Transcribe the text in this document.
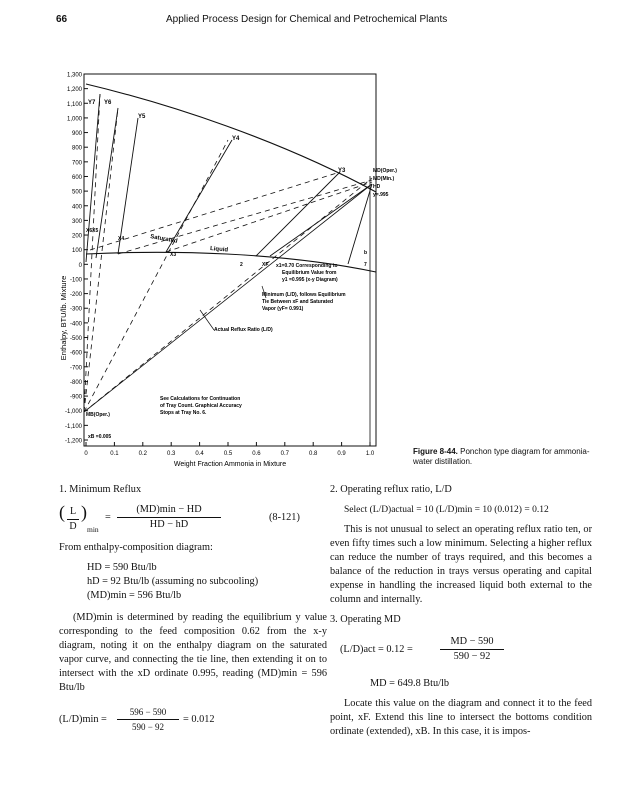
66	Applied Process Design for Chemical and Petrochemical Plants
1,300
1,200
1,100
1,000
900
800
700
600
500
400
300
200
100
0
-100
-200
-300
-400
-500
-600
-700
-800
-900
-1,000
-1,100
-1,200
0	0.1	0.2	0.3	0.4	0.5	0.6	0.7	0.8	0.9	1.0
Enthalpy, BTU/lb. Mixture
Weight Fraction Ammonia in Mixture
Y7 Y6
Y5
Y4
Y3	MD(Oper.)
MD(Min.)
HD
y=.995
Saturated
Liquid
X6X5
X4
X3
2	XF
b
7
x1=0.70 Corresponding to
Equilibrium Value from
y1 =0.995 (x-y Diagram)
Minimum (L/D), follows Equilibrium
Tie Between xF and Saturated
Vapor (yF= 0.991)
Actual Reflux Ratio (L/D)
See Calculations for Continuation
of Tray Count. Graphical Accuracy
Stops at Tray No. 6.
MB(Oper.)
xB =0.005
Figure 8-44. Ponchon type diagram for ammonia-water distillation.
1. Minimum Reflux
( $\frac{L}{D}$ )
min
=
(MD)min − HD
HD − hD
(8-121)
From enthalpy-composition diagram:
HD = 590 Btu/lb
hD = 92 Btu/lb (assuming no subcooling)
(MD)min = 596 Btu/lb
(MD)min is determined by reading the equilibrium y value corresponding to the feed composition 0.62 from the x-y diagram, noting it on the enthalpy diagram on the saturated vapor curve, and connecting the tie line, then extending it on to intersect with the xD ordinate 0.995, reading (MD)min = 596 Btu/lb
$(L/D)\min = \frac{596 - 590}{590 - 92} = 0.012$
2. Operating reflux ratio, L/D
Select (L/D)actual = 10 (L/D)min = 10 (0.012) = 0.12
This is not unusual to select an operating reflux ratio ten, or even fifty times such a low minimum. Selecting a higher reflux can reduce the number of trays required, and this becomes a balance of the reduction in trays versus operating and capital expense in handling the increased liquid both external to the column and internally.
3. Operating MD
(L/D)act = 0.12 =	$\frac{MD - 590}{590 - 92}$
MD = 649.8 Btu/lb
Locate this value on the diagram and connect it to the feed point, xF. Extend this line to intersect the bottoms condition ordinate (extended), xB. In this case, it is impos-
